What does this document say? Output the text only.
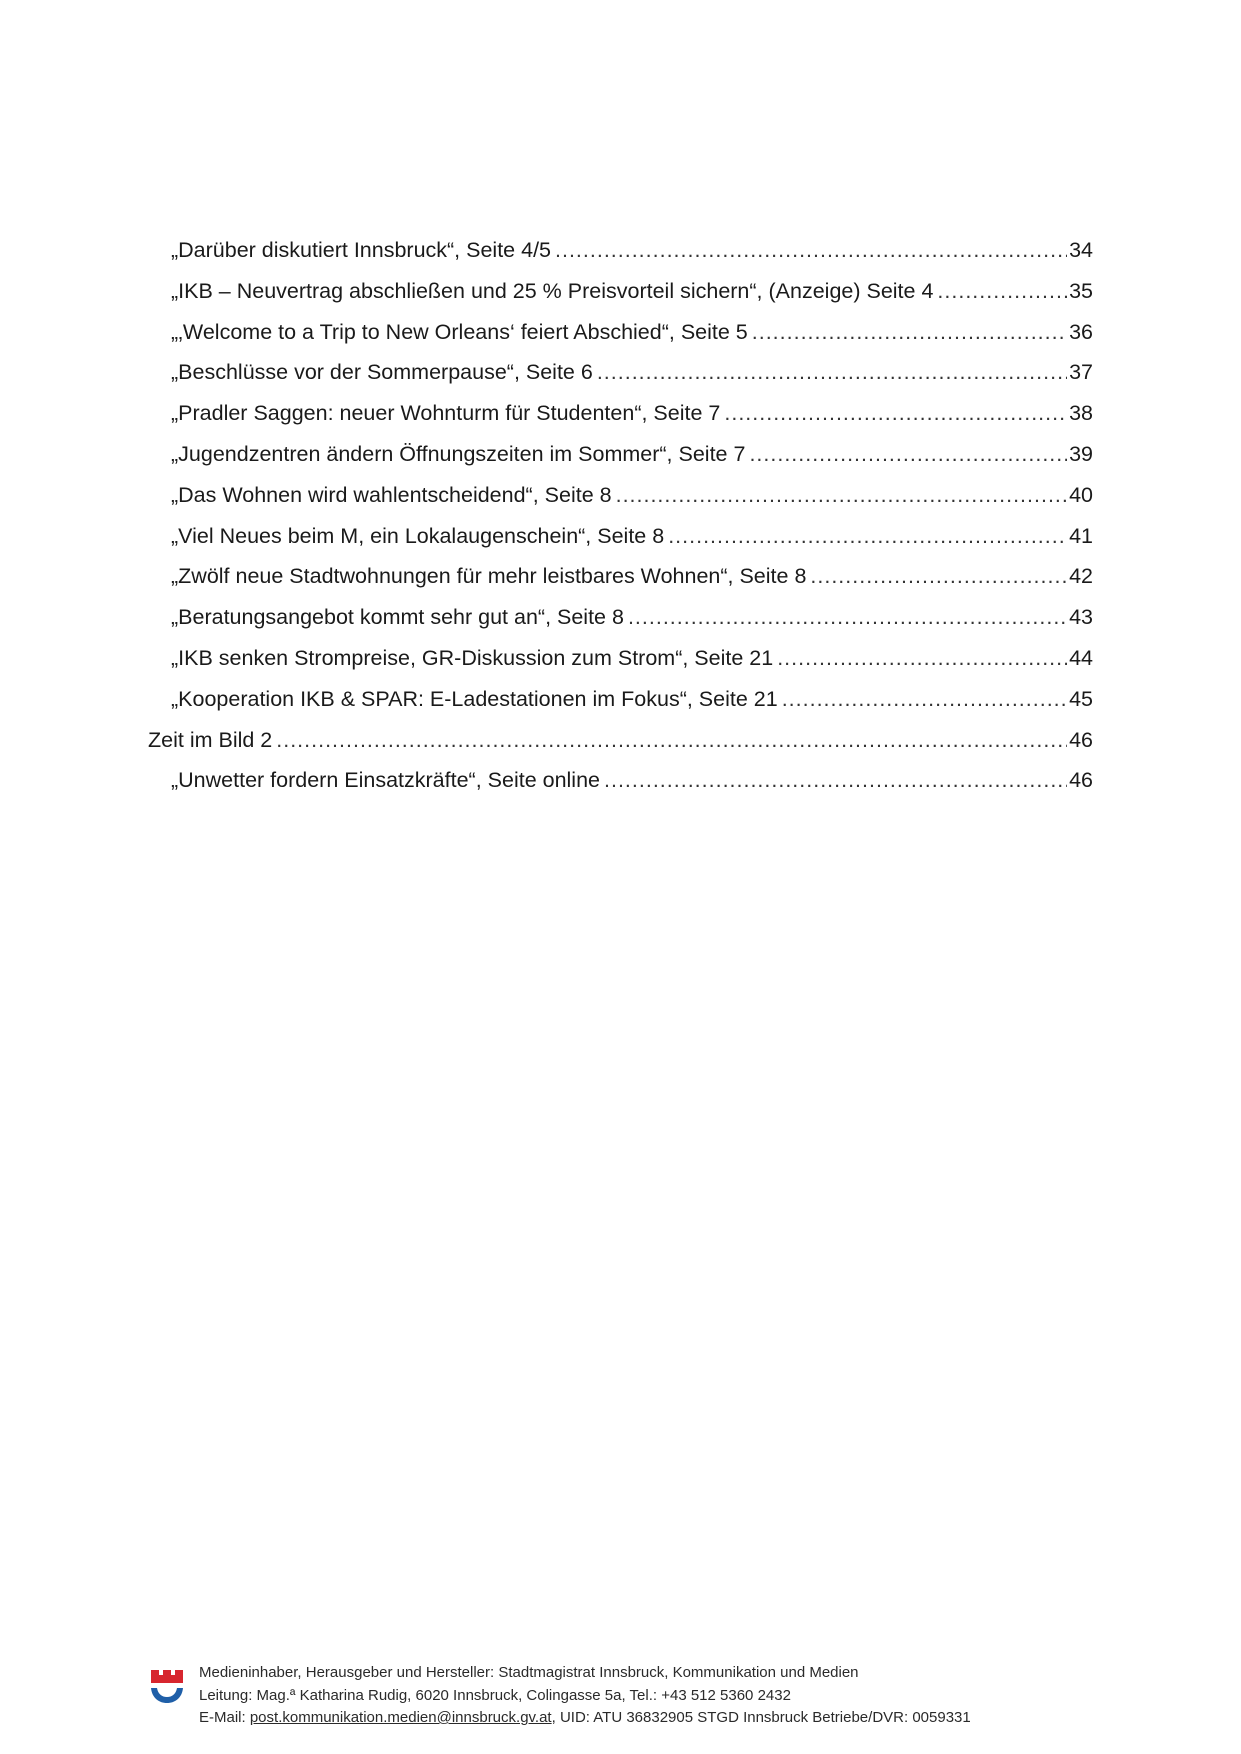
„Darüber diskutiert Innsbruck“, Seite 4/5 .....	34
„IKB – Neuvertrag abschließen und 25 % Preisvorteil sichern“, (Anzeige) Seite 4 .....	35
„‚Welcome to a Trip to New Orleans‘ feiert Abschied“, Seite 5 .....	36
„Beschlüsse vor der Sommerpause“, Seite 6 .....	37
„Pradler Saggen: neuer Wohnturm für Studenten“, Seite 7 .....	38
„Jugendzentren ändern Öffnungszeiten im Sommer“, Seite 7 .....	39
„Das Wohnen wird wahlentscheidend“, Seite 8 .....	40
„Viel Neues beim M, ein Lokalaugenschein“, Seite 8 .....	41
„Zwölf neue Stadtwohnungen für mehr leistbares Wohnen“, Seite 8 .....	42
„Beratungsangebot kommt sehr gut an“, Seite 8 .....	43
„IKB senken Strompreise, GR-Diskussion zum Strom“, Seite 21 .....	44
„Kooperation IKB & SPAR: E-Ladestationen im Fokus“, Seite 21 .....	45
Zeit im Bild 2 .....	46
„Unwetter fordern Einsatzkräfte“, Seite online .....	46
Medieninhaber, Herausgeber und Hersteller: Stadtmagistrat Innsbruck, Kommunikation und Medien
Leitung: Mag.ª Katharina Rudig, 6020 Innsbruck, Colingasse 5a, Tel.: +43 512 5360 2432
E-Mail: post.kommunikation.medien@innsbruck.gv.at, UID: ATU 36832905 STGD Innsbruck Betriebe/DVR: 0059331
